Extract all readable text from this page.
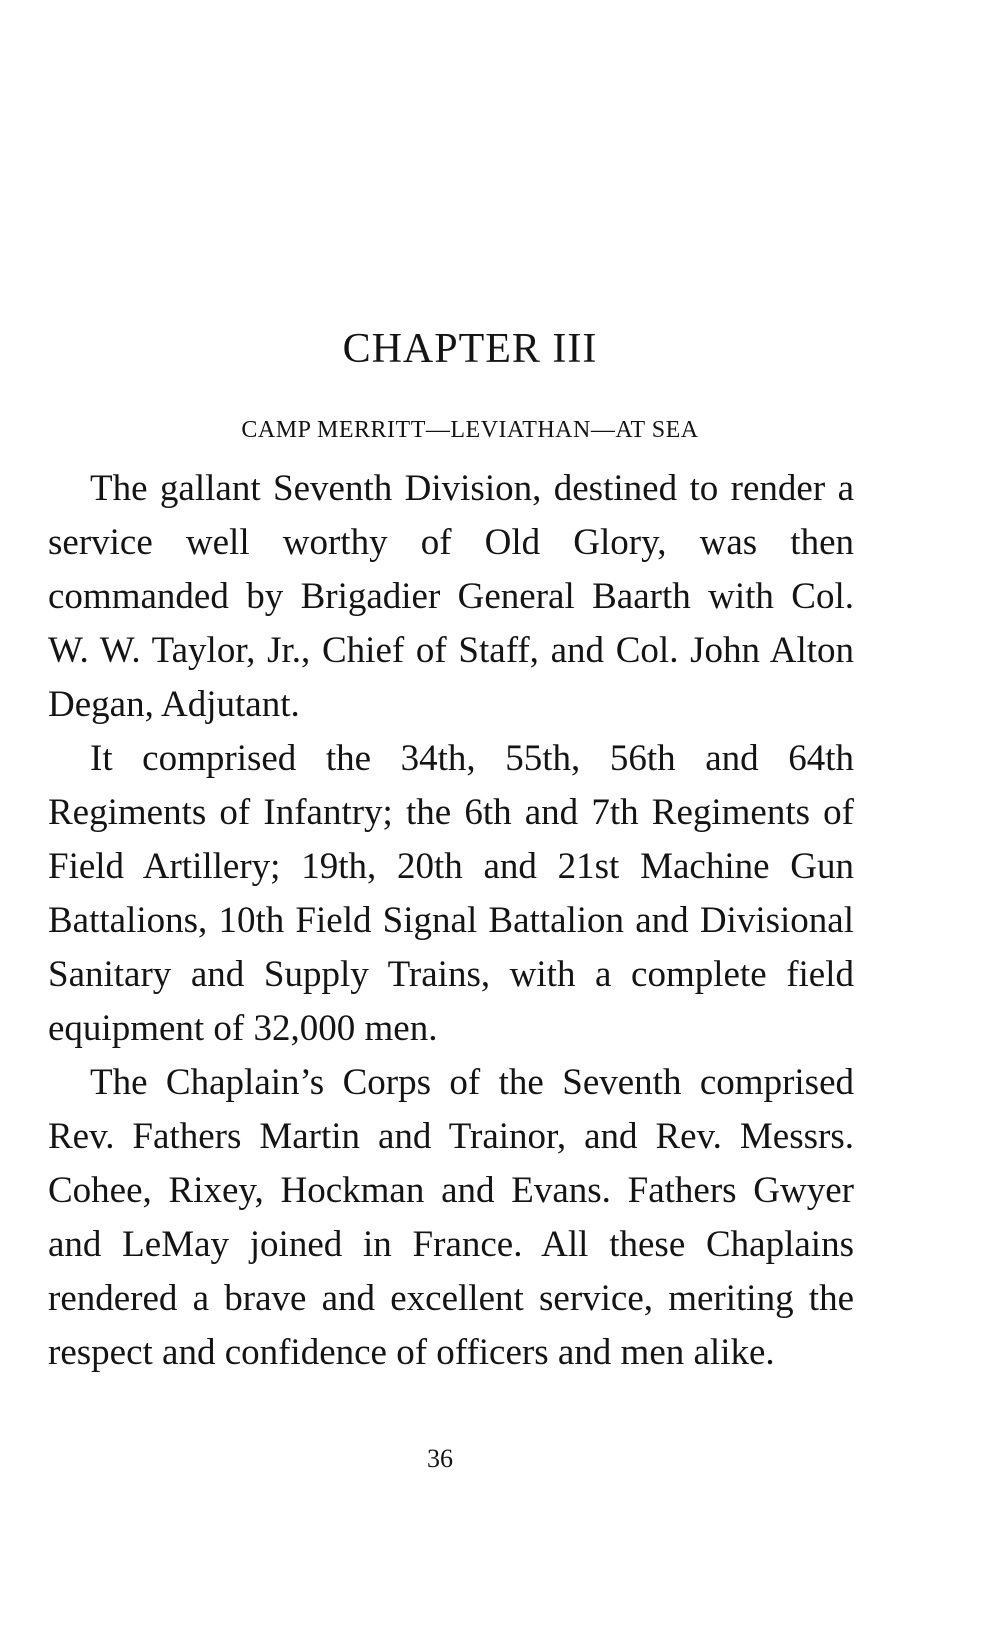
CHAPTER III
CAMP MERRITT—LEVIATHAN—AT SEA

The gallant Seventh Division, destined to render a service well worthy of Old Glory, was then commanded by Brigadier General Baarth with Col. W. W. Taylor, Jr., Chief of Staff, and Col. John Alton Degan, Adjutant.

It comprised the 34th, 55th, 56th and 64th Regiments of Infantry; the 6th and 7th Regiments of Field Artillery; 19th, 20th and 21st Machine Gun Battalions, 10th Field Signal Battalion and Divisional Sanitary and Supply Trains, with a complete field equipment of 32,000 men.

The Chaplain’s Corps of the Seventh comprised Rev. Fathers Martin and Trainor, and Rev. Messrs. Cohee, Rixey, Hockman and Evans. Fathers Gwyer and LeMay joined in France. All these Chaplains rendered a brave and excellent service, meriting the respect and confidence of officers and men alike.

36
